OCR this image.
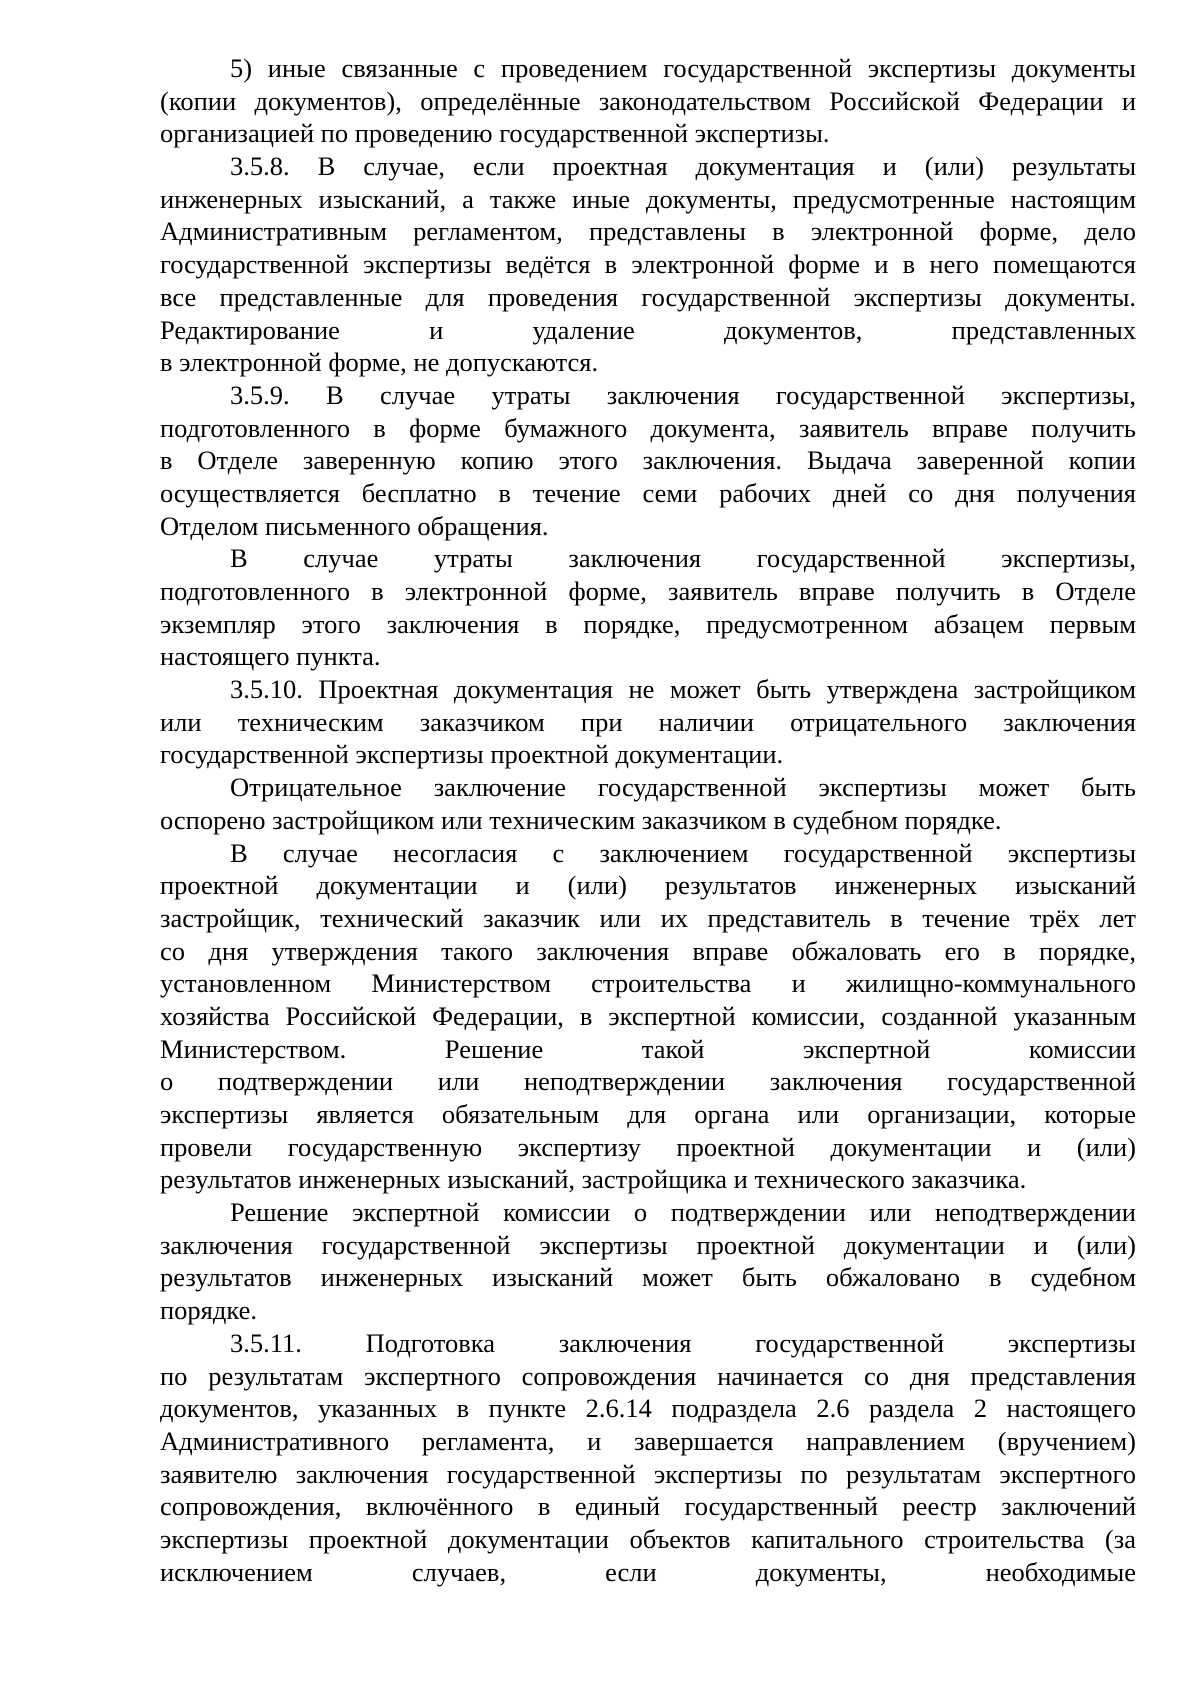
5) иные связанные с проведением государственной экспертизы документы
(копии документов), определённые законодательством Российской Федерации и
организацией по проведению государственной экспертизы.
3.5.8. В случае, если проектная документация и (или) результаты
инженерных изысканий, а также иные документы, предусмотренные настоящим
Административным регламентом, представлены в электронной форме, дело
государственной экспертизы ведётся в электронной форме и в него помещаются
все представленные для проведения государственной экспертизы документы.
Редактирование и удаление документов, представленных
в электронной форме, не допускаются.
3.5.9. В случае утраты заключения государственной экспертизы,
подготовленного в форме бумажного документа, заявитель вправе получить
в Отделе заверенную копию этого заключения. Выдача заверенной копии
осуществляется бесплатно в течение семи рабочих дней со дня получения
Отделом письменного обращения.
В случае утраты заключения государственной экспертизы,
подготовленного в электронной форме, заявитель вправе получить в Отделе
экземпляр этого заключения в порядке, предусмотренном абзацем первым
настоящего пункта.
3.5.10. Проектная документация не может быть утверждена застройщиком
или техническим заказчиком при наличии отрицательного заключения
государственной экспертизы проектной документации.
Отрицательное заключение государственной экспертизы может быть
оспорено застройщиком или техническим заказчиком в судебном порядке.
В случае несогласия с заключением государственной экспертизы
проектной документации и (или) результатов инженерных изысканий
застройщик, технический заказчик или их представитель в течение трёх лет
со дня утверждения такого заключения вправе обжаловать его в порядке,
установленном Министерством строительства и жилищно-коммунального
хозяйства Российской Федерации, в экспертной комиссии, созданной указанным
Министерством. Решение такой экспертной комиссии
о подтверждении или неподтверждении заключения государственной
экспертизы является обязательным для органа или организации, которые
провели государственную экспертизу проектной документации и (или)
результатов инженерных изысканий, застройщика и технического заказчика.
Решение экспертной комиссии о подтверждении или неподтверждении
заключения государственной экспертизы проектной документации и (или)
результатов инженерных изысканий может быть обжаловано в судебном
порядке.
3.5.11. Подготовка заключения государственной экспертизы
по результатам экспертного сопровождения начинается со дня представления
документов, указанных в пункте 2.6.14 подраздела 2.6 раздела 2 настоящего
Административного регламента, и завершается направлением (вручением)
заявителю заключения государственной экспертизы по результатам экспертного
сопровождения, включённого в единый государственный реестр заключений
экспертизы проектной документации объектов капитального строительства (за
исключением случаев, если документы, необходимые
